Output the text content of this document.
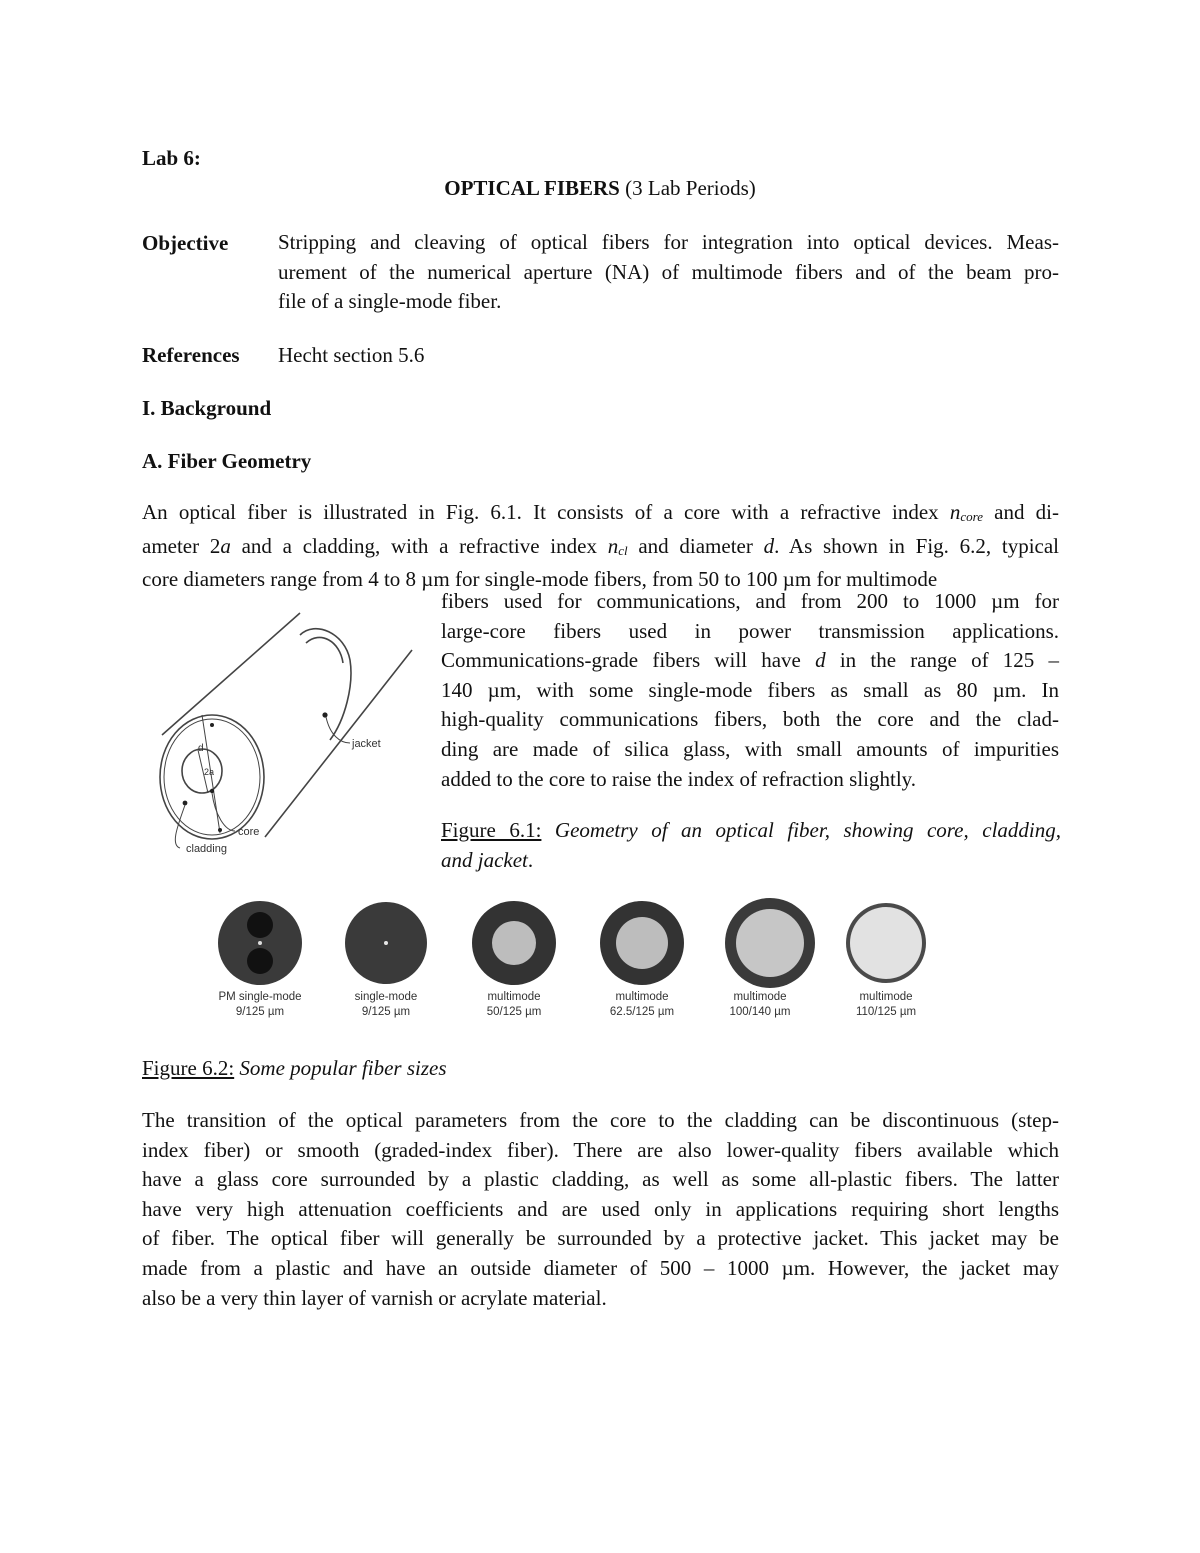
Lab 6:
OPTICAL FIBERS (3 Lab Periods)
Objective Stripping and cleaving of optical fibers for integration into optical devices. Meas-
urement of the numerical aperture (NA) of multimode fibers and of the beam pro-
file of a single-mode fiber.
References Hecht section 5.6
I. Background
A. Fiber Geometry
An optical fiber is illustrated in Fig. 6.1. It consists of a core with a refractive index $n_{core}$ and di-
ameter 2a and a cladding, with a refractive index $n_{cl}$ and diameter d. As shown in Fig. 6.2, typical
core diameters range from 4 to 8 µm for single-mode fibers, from 50 to 100 µm for multimode
fibers used for communications, and from 200 to 1000 µm for
large-core fibers used in power transmission applications.
Communications-grade fibers will have d in the range of 125 –
140 µm, with some single-mode fibers as small as 80 µm. In
high-quality communications fibers, both the core and the clad-
ding are made of silica glass, with small amounts of impurities
added to the core to raise the index of refraction slightly.
Figure 6.1: Geometry of an optical fiber, showing core, cladding,
and jacket.
jacket
core
cladding
d
2a
PM single-mode
9/125 µm
single-mode
9/125 µm
multimode
50/125 µm
multimode
62.5/125 µm
multimode
100/140 µm
multimode
110/125 µm
Figure 6.2: Some popular fiber sizes
The transition of the optical parameters from the core to the cladding can be discontinuous (step-
index fiber) or smooth (graded-index fiber). There are also lower-quality fibers available which
have a glass core surrounded by a plastic cladding, as well as some all-plastic fibers. The latter
have very high attenuation coefficients and are used only in applications requiring short lengths
of fiber. The optical fiber will generally be surrounded by a protective jacket. This jacket may be
made from a plastic and have an outside diameter of 500 – 1000 µm. However, the jacket may
also be a very thin layer of varnish or acrylate material.
